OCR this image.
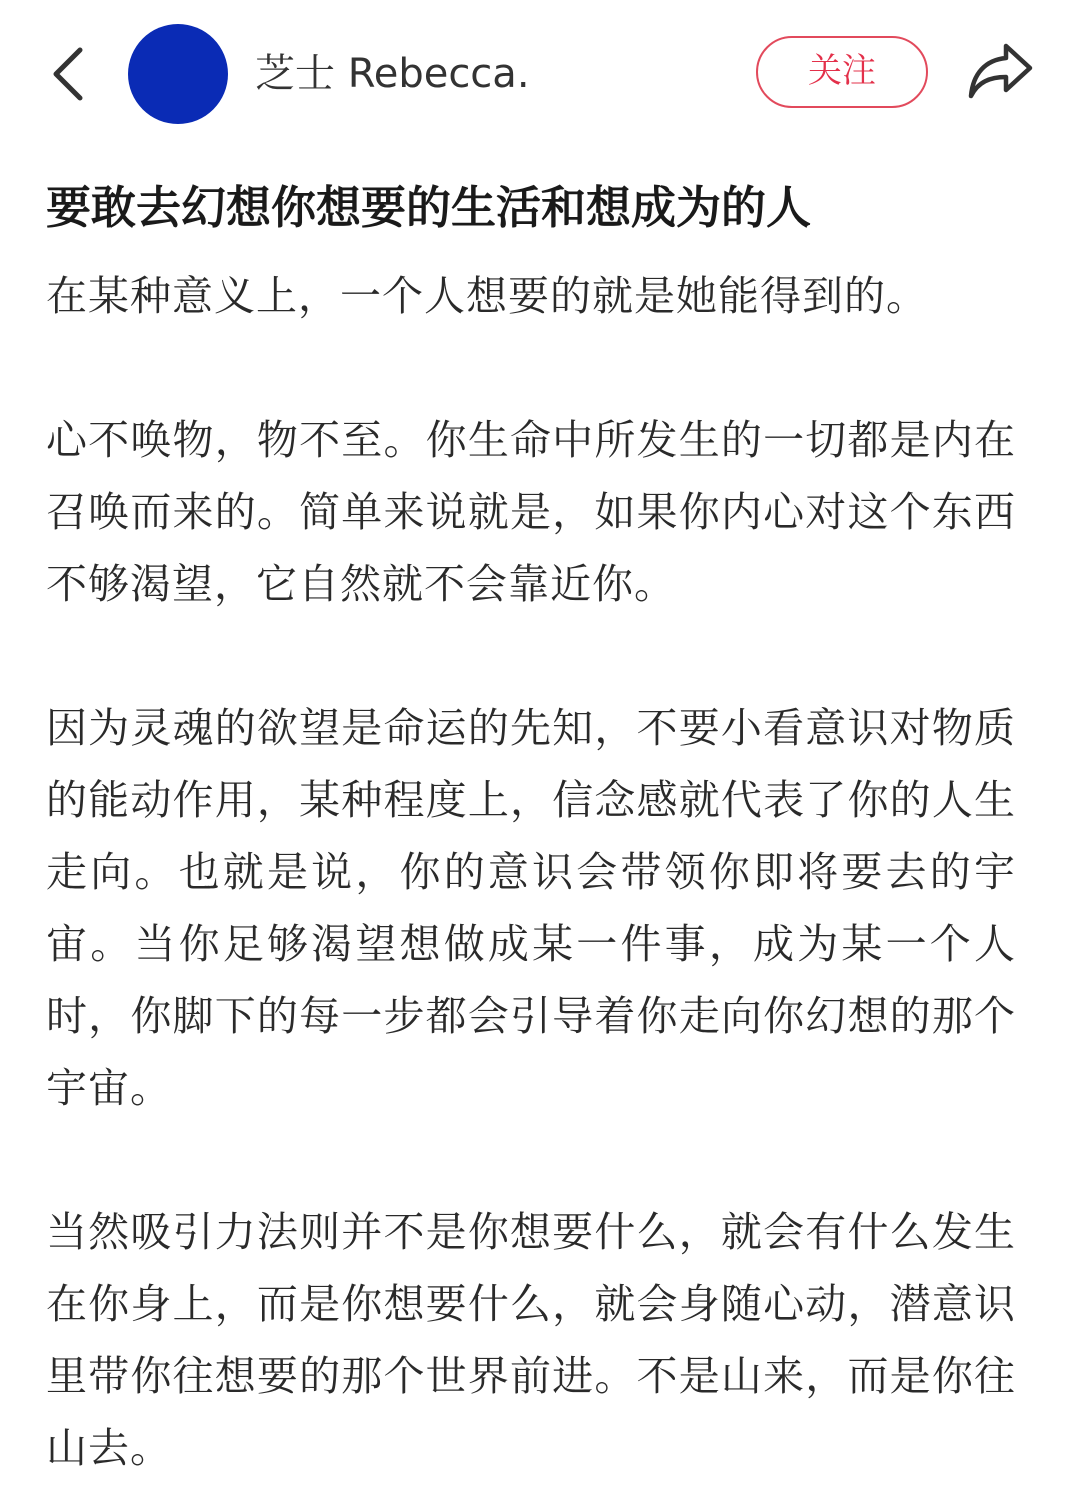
芝士 Rebecca.	关注
要敢去幻想你想要的生活和想成为的人

在某种意义上，一个人想要的就是她能得到的。

心不唤物，物不至。你生命中所发生的一切都是内在召唤而来的。简单来说就是，如果你内心对这个东西不够渴望，它自然就不会靠近你。

因为灵魂的欲望是命运的先知，不要小看意识对物质的能动作用，某种程度上，信念感就代表了你的人生走向。也就是说，你的意识会带领你即将要去的宇宙。当你足够渴望想做成某一件事，成为某一个人时，你脚下的每一步都会引导着你走向你幻想的那个宇宙。

当然吸引力法则并不是你想要什么，就会有什么发生在你身上，而是你想要什么，就会身随心动，潜意识里带你往想要的那个世界前进。不是山来，而是你往山去。
